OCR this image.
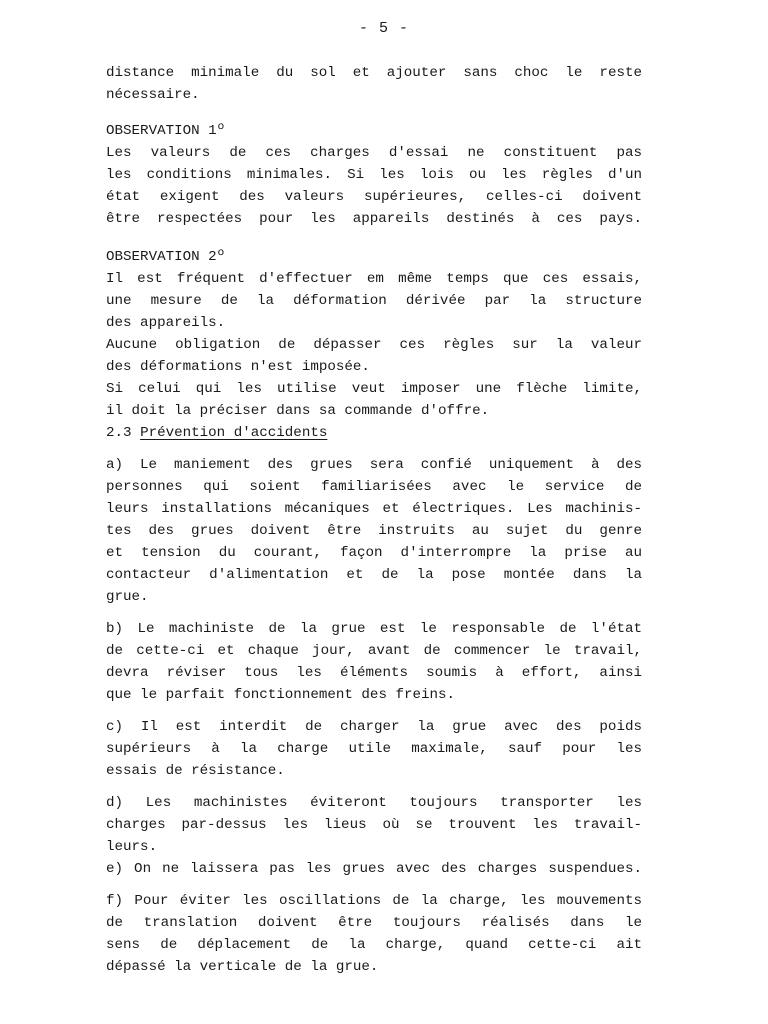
- 5 -
distance minimale du sol et ajouter sans choc le reste
nécessaire.
OBSERVATION 1º
Les valeurs de ces charges d'essai ne constituent pas
les conditions minimales. Si les lois ou les règles d'un
état exigent des valeurs supérieures, celles-ci doivent
être respectées pour les appareils destinés à ces pays.
OBSERVATION 2º
Il est fréquent d'effectuer em même temps que ces essais,
une mesure de la déformation dérivée par la structure
des appareils.
Aucune obligation de dépasser ces règles sur la valeur
des déformations n'est imposée.
Si celui qui les utilise veut imposer une flèche limite,
il doit la préciser dans sa commande d'offre.
2.3 Prévention d'accidents
a) Le maniement des grues sera confié uniquement à des
personnes qui soient familiarisées avec le service de
leurs installations mécaniques et électriques. Les machinis-
tes des grues doivent être instruits au sujet du genre
et tension du courant, façon d'interrompre la prise au
contacteur d'alimentation et de la pose montée dans la
grue.
b) Le machiniste de la grue est le responsable de l'état
de cette-ci et chaque jour, avant de commencer le travail,
devra réviser tous les éléments soumis à effort, ainsi
que le parfait fonctionnement des freins.
c) Il est interdit de charger la grue avec des poids
supérieurs à la charge utile maximale, sauf pour les
essais de résistance.
d) Les machinistes éviteront toujours transporter les
charges par-dessus les lieus où se trouvent les travail-
leurs.
e) On ne laissera pas les grues avec des charges suspendues.
f) Pour éviter les oscillations de la charge, les mouvements
de translation doivent être toujours réalisés dans le
sens de déplacement de la charge, quand cette-ci ait
dépassé la verticale de la grue.
